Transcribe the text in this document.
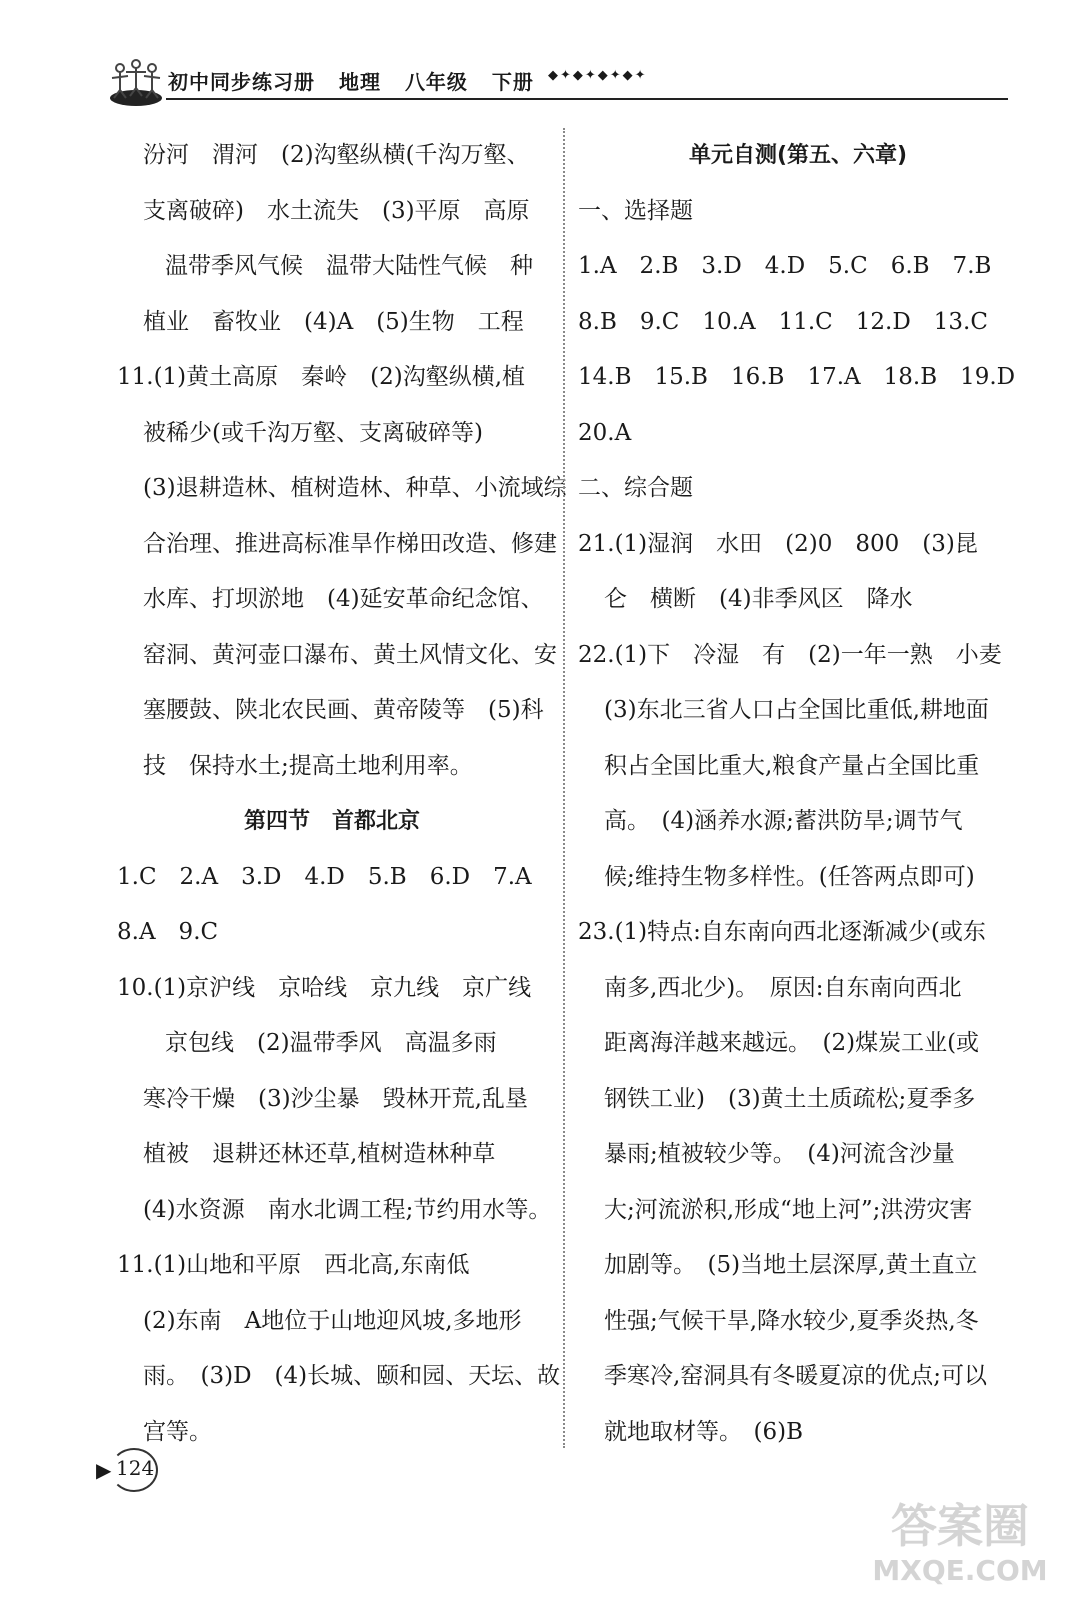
初中同步练习册 地理 八年级 下册	◆✦◆✦◆✦◆✦
汾河　渭河　(2)沟壑纵横(千沟万壑、
支离破碎)　水土流失　(3)平原　高原
温带季风气候　温带大陆性气候　种
植业　畜牧业　(4)A　(5)生物　工程
11.(1)黄土高原　秦岭　(2)沟壑纵横,植
被稀少(或千沟万壑、支离破碎等)
(3)退耕造林、植树造林、种草、小流域综
合治理、推进高标准旱作梯田改造、修建
水库、打坝淤地　(4)延安革命纪念馆、
窑洞、黄河壶口瀑布、黄土风情文化、安
塞腰鼓、陕北农民画、黄帝陵等　(5)科
技　保持水土;提高土地利用率。
第四节　首都北京
1.C　2.A　3.D　4.D　5.B　6.D　7.A
8.A　9.C
10.(1)京沪线　京哈线　京九线　京广线
京包线　(2)温带季风　高温多雨
寒冷干燥　(3)沙尘暴　毁林开荒,乱垦
植被　退耕还林还草,植树造林种草
(4)水资源　南水北调工程;节约用水等。
11.(1)山地和平原　西北高,东南低
(2)东南　A地位于山地迎风坡,多地形
雨。　(3)D　(4)长城、颐和园、天坛、故
宫等。
单元自测(第五、六章)
一、选择题
1.A　2.B　3.D　4.D　5.C　6.B　7.B
8.B　9.C　10.A　11.C　12.D　13.C
14.B　15.B　16.B　17.A　18.B　19.D
20.A
二、综合题
21.(1)湿润　水田　(2)0　800　(3)昆
仑　横断　(4)非季风区　降水
22.(1)下　冷湿　有　(2)一年一熟　小麦
(3)东北三省人口占全国比重低,耕地面
积占全国比重大,粮食产量占全国比重
高。　(4)涵养水源;蓄洪防旱;调节气
候;维持生物多样性。(任答两点即可)
23.(1)特点:自东南向西北逐渐减少(或东
南多,西北少)。　原因:自东南向西北
距离海洋越来越远。　(2)煤炭工业(或
钢铁工业)　(3)黄土土质疏松;夏季多
暴雨;植被较少等。　(4)河流含沙量
大;河流淤积,形成“地上河”;洪涝灾害
加剧等。　(5)当地土层深厚,黄土直立
性强;气候干旱,降水较少,夏季炎热,冬
季寒冷,窑洞具有冬暖夏凉的优点;可以
就地取材等。　(6)B
▶ 124
答案圈
MXQE.COM
